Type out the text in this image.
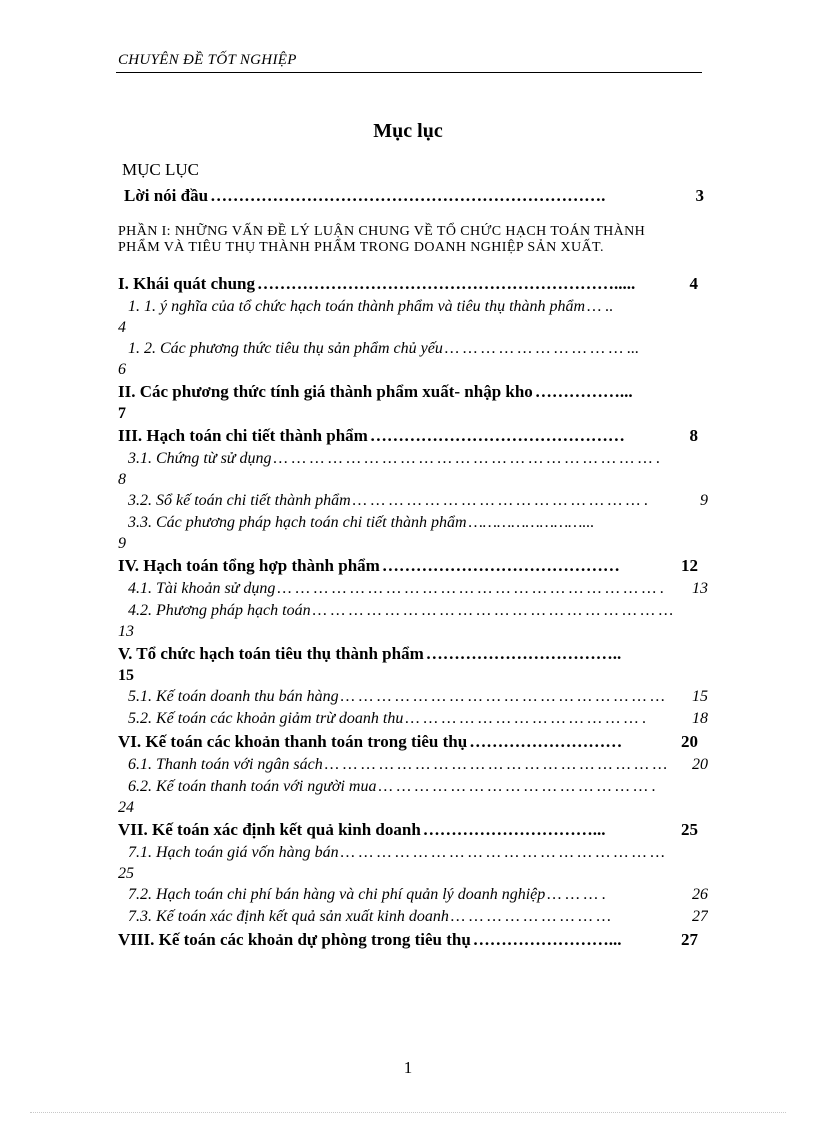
CHUYÊN ĐỀ TỐT NGHIỆP
Mục lục
MỤC LỤC
Lời nói đầu …………………………………………………………….	3
PHẦN I: NHỮNG VẤN ĐỀ LÝ LUẬN CHUNG VỀ TỔ CHỨC HẠCH TOÁN THÀNH PHẨM VÀ TIÊU THỤ THÀNH PHẨM TRONG DOANH NGHIỆP SẢN XUẤT.
I. Khái quát chung ……………………………………………………….....	4
1. 1. ý nghĩa của tổ chức hạch toán thành phẩm và tiêu thụ thành phẩm … ..
4
1. 2. Các phương thức tiêu thụ sản phẩm chủ yếu … … … … … … … … … … ...
6
II. Các phương thức tính giá thành phẩm xuất- nhập kho ……………...
7
III. Hạch toán chi tiết thành phẩm ………………………………………	8
3.1. Chứng từ sử dụng … … … … … … … … … … … … … … … … … … … … … .
8
3.2. Sổ kế toán chi tiết thành phẩm … … … … … … … … … … … … … … … … .	9
3.3. Các phương pháp hạch toán chi tiết thành phẩm ……………………...
9
IV. Hạch toán tổng hợp thành phẩm ……………………………………	12
4.1. Tài khoản sử dụng … … … … … … … … … … … … … … … … … … … … … . 13
4.2. Phương pháp hạch toán … … … … … … … … … … … … … … … … … … … …
13
V. Tổ chức hạch toán tiêu thụ thành phẩm ……………………………..
15
5.1. Kế toán doanh thu bán hàng … … … … … … … … … … … … … … … … … … 15
5.2. Kế toán các khoản giảm trừ doanh thu … … … … … … … … … … … … … .	18
VI. Kế toán các khoản thanh toán trong tiêu thụ ………………………	20
6.1. Thanh toán với ngân sách … … … … … … … … … … … … … … … … … … … 20
6.2. Kế toán thanh toán với người mua … … … … … … … … … … … … … … … .
24
VII. Kế toán xác định kết quả kinh doanh …………………………...	25
7.1. Hạch toán giá vốn hàng bán … … … … … … … … … … … … … … … … … …
25
7.2. Hạch toán chi phí bán hàng và chi phí quản lý doanh nghiệp … … … .	26
7.3. Kế toán xác định kết quả sản xuất kinh doanh … … … … … … … … …	27
VIII. Kế toán các khoản dự phòng trong tiêu thụ ……………………...	27
1
